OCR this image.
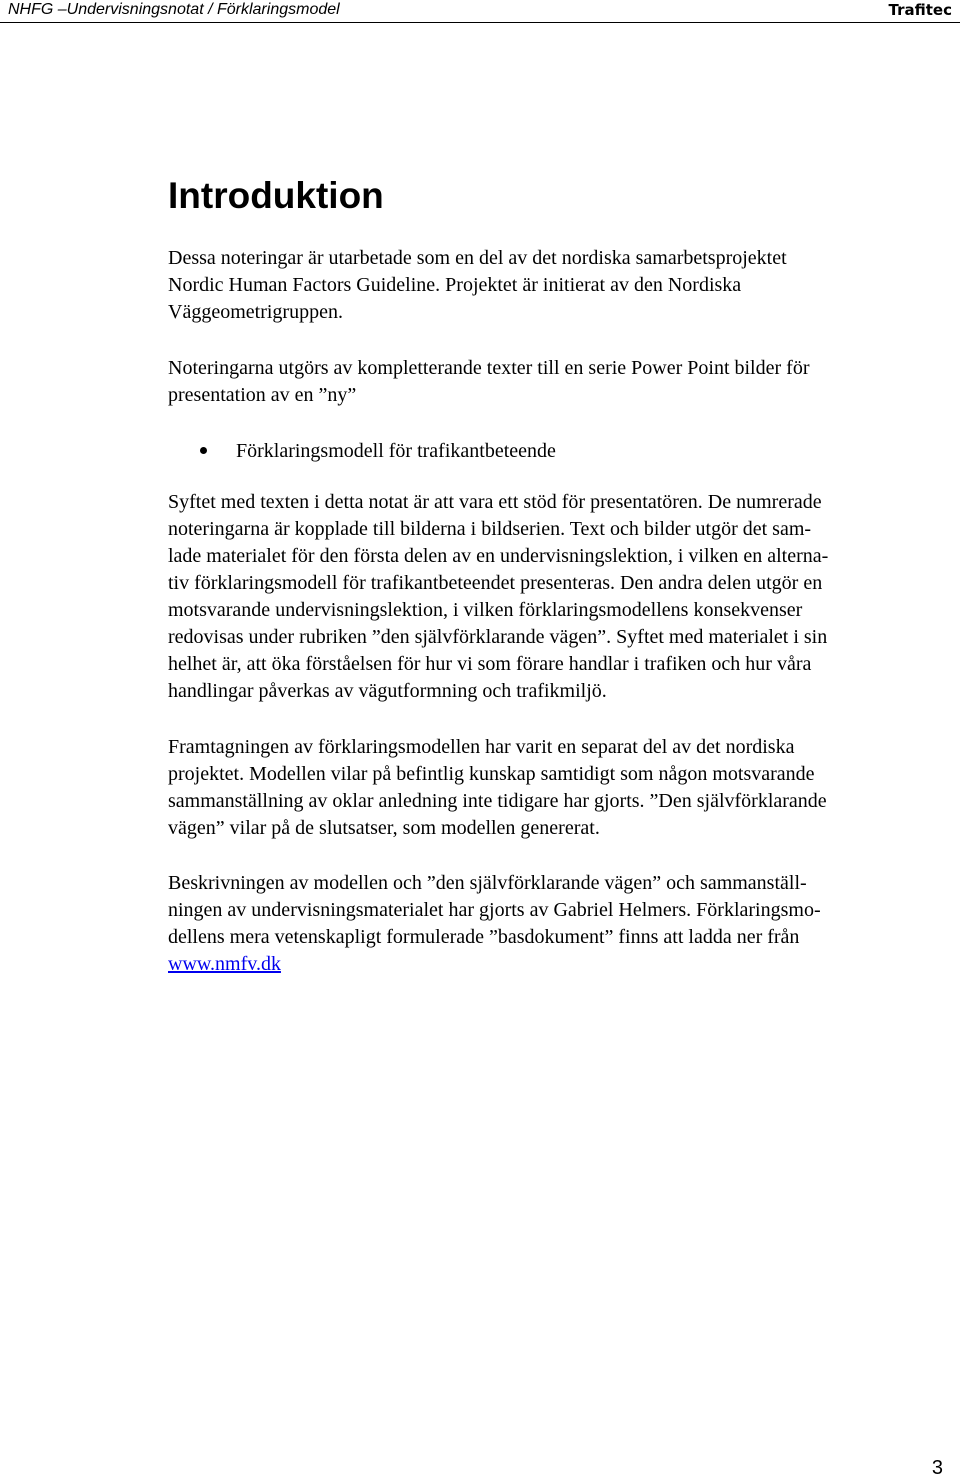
NHFG –Undervisningsnotat / Förklaringsmodel	Trafitec
Introduktion

Dessa noteringar är utarbetade som en del av det nordiska samarbetsprojektet
Nordic Human Factors Guideline. Projektet är initierat av den Nordiska
Väggeometrigruppen.

Noteringarna utgörs av kompletterande texter till en serie Power Point bilder för
presentation av en ”ny”

Förklaringsmodell för trafikantbeteende

Syftet med texten i detta notat är att vara ett stöd för presentatören. De numrerade
noteringarna är kopplade till bilderna i bildserien. Text och bilder utgör det sam-
lade materialet för den första delen av en undervisningslektion, i vilken en alterna-
tiv förklaringsmodell för trafikantbeteendet presenteras. Den andra delen utgör en
motsvarande undervisningslektion, i vilken förklaringsmodellens konsekvenser
redovisas under rubriken ”den självförklarande vägen”. Syftet med materialet i sin
helhet är, att öka förståelsen för hur vi som förare handlar i trafiken och hur våra
handlingar påverkas av vägutformning och trafikmiljö.

Framtagningen av förklaringsmodellen har varit en separat del av det nordiska
projektet. Modellen vilar på befintlig kunskap samtidigt som någon motsvarande
sammanställning av oklar anledning inte tidigare har gjorts. ”Den självförklarande
vägen” vilar på de slutsatser, som modellen genererat.

Beskrivningen av modellen och ”den självförklarande vägen” och sammanställ-
ningen av undervisningsmaterialet har gjorts av Gabriel Helmers. Förklaringsmo-
dellens mera vetenskapligt formulerade ”basdokument” finns att ladda ner från
www.nmfv.dk

3
